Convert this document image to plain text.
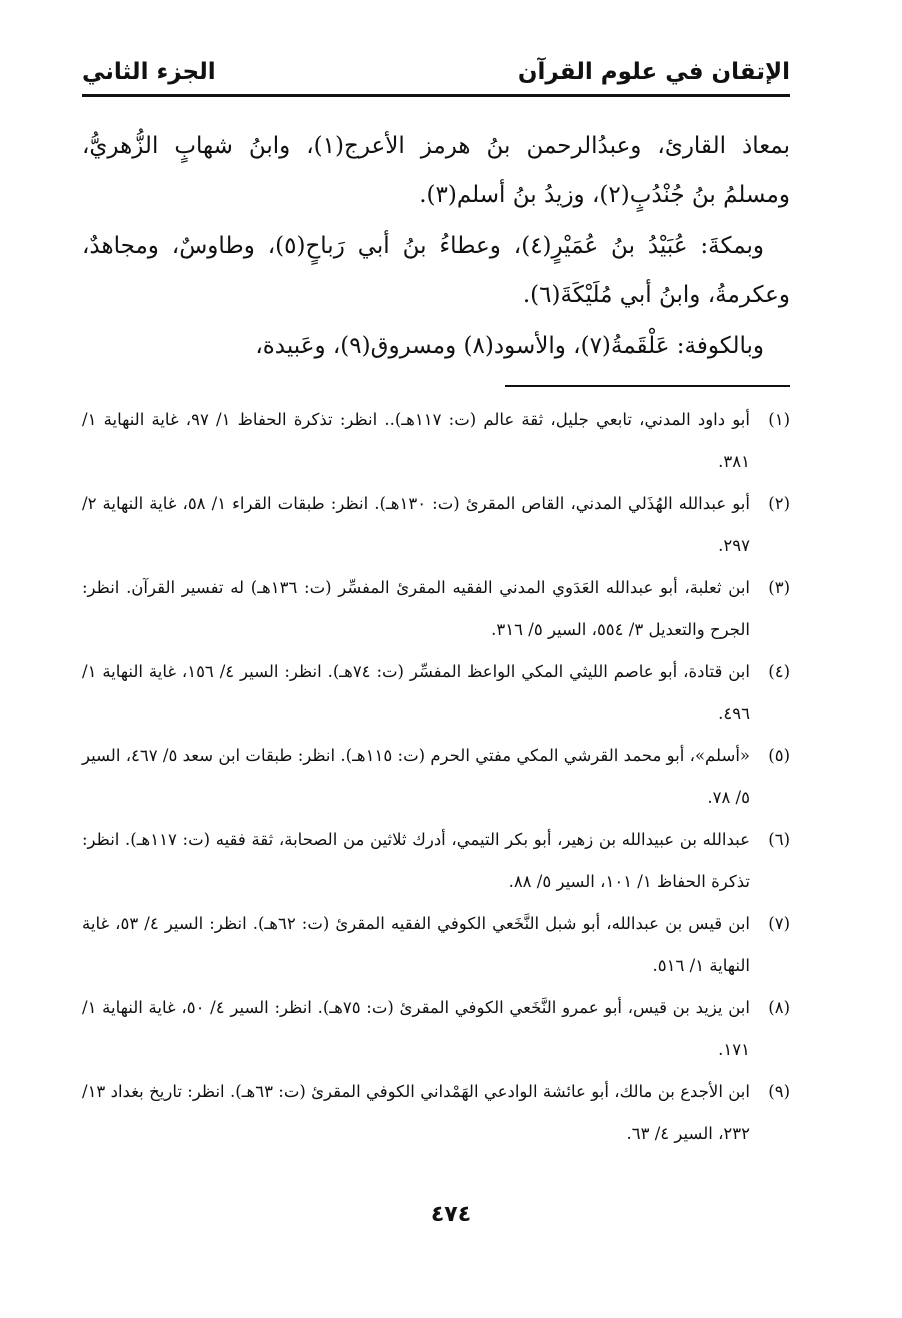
الإتقان في علوم القرآن
الجزء الثاني

بمعاذ القارئ، وعبدُالرحمن بنُ هرمز الأعرج(١)، وابنُ شهابٍ الزُّهريُّ، ومسلمُ بنُ جُنْدُبٍ(٢)، وزيدُ بنُ أسلم(٣).

وبمكةَ: عُبَيْدُ بنُ عُمَيْرٍ(٤)، وعطاءُ بنُ أبي رَباحٍ(٥)، وطاوسٌ، ومجاهدٌ، وعكرمةُ، وابنُ أبي مُلَيْكَةَ(٦).

وبالكوفة: عَلْقَمةُ(٧)، والأسود(٨) ومسروق(٩)، وعَبيدة،

(١)
أبو داود المدني، تابعي جليل، ثقة عالم (ت: ١١٧هـ).. انظر: تذكرة الحفاظ ١/ ٩٧، غاية النهاية ١/ ٣٨١.
(٢)
أبو عبدالله الهُذَلي المدني، القاص المقرئ (ت: ١٣٠هـ). انظر: طبقات القراء ١/ ٥٨، غاية النهاية ٢/ ٢٩٧.
(٣)
ابن ثعلبة، أبو عبدالله العَدَوي المدني الفقيه المقرئ المفسِّر (ت: ١٣٦هـ) له تفسير القرآن. انظر: الجرح والتعديل ٣/ ٥٥٤، السير ٥/ ٣١٦.
(٤)
ابن قتادة، أبو عاصم الليثي المكي الواعظ المفسِّر (ت: ٧٤هـ). انظر: السير ٤/ ١٥٦، غاية النهاية ١/ ٤٩٦.
(٥)
«أسلم»، أبو محمد القرشي المكي مفتي الحرم (ت: ١١٥هـ). انظر: طبقات ابن سعد ٥/ ٤٦٧، السير ٥/ ٧٨.
(٦)
عبدالله بن عبيدالله بن زهير، أبو بكر التيمي، أدرك ثلاثين من الصحابة، ثقة فقيه (ت: ١١٧هـ). انظر: تذكرة الحفاظ ١/ ١٠١، السير ٥/ ٨٨.
(٧)
ابن قيس بن عبدالله، أبو شبل النَّخَعي الكوفي الفقيه المقرئ (ت: ٦٢هـ). انظر: السير ٤/ ٥٣، غاية النهاية ١/ ٥١٦.
(٨)
ابن يزيد بن قيس، أبو عمرو النَّخَعي الكوفي المقرئ (ت: ٧٥هـ). انظر: السير ٤/ ٥٠، غاية النهاية ١/ ١٧١.
(٩)
ابن الأجدع بن مالك، أبو عائشة الوادعي الهَمْداني الكوفي المقرئ (ت: ٦٣هـ). انظر: تاريخ بغداد ١٣/ ٢٣٢، السير ٤/ ٦٣.
٤٧٤
